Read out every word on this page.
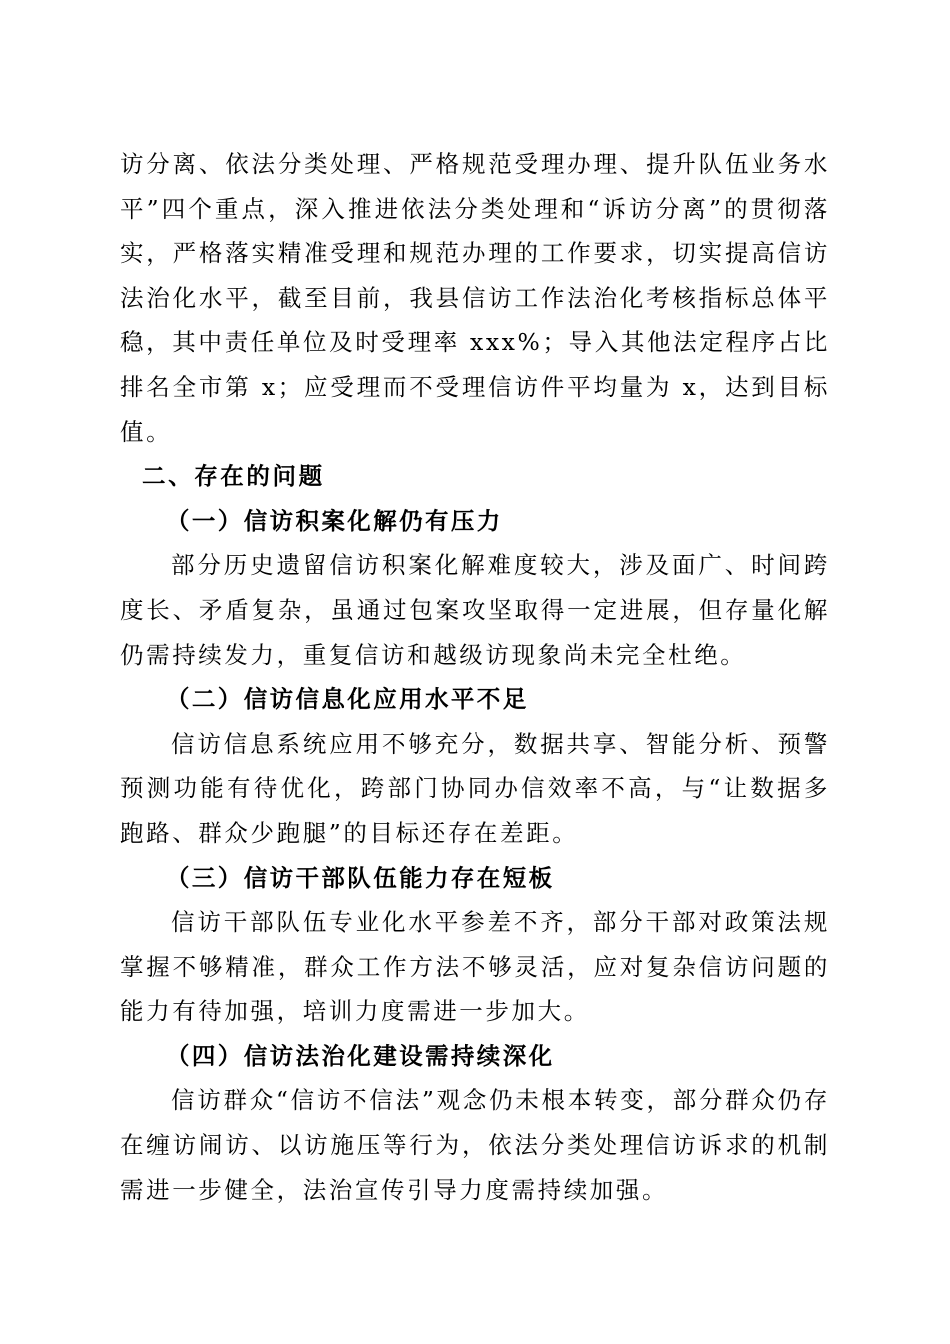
访分离、依法分类处理、严格规范受理办理、提升队伍业务水平”四个重点，深入推进依法分类处理和“诉访分离”的贯彻落实，严格落实精准受理和规范办理的工作要求，切实提高信访法治化水平，截至目前，我县信访工作法治化考核指标总体平稳，其中责任单位及时受理率 xxx%；导入其他法定程序占比排名全市第 x；应受理而不受理信访件平均量为 x，达到目标值。

二、存在的问题
（一）信访积案化解仍有压力

部分历史遗留信访积案化解难度较大，涉及面广、时间跨度长、矛盾复杂，虽通过包案攻坚取得一定进展，但存量化解仍需持续发力，重复信访和越级访现象尚未完全杜绝。

（二）信访信息化应用水平不足

信访信息系统应用不够充分，数据共享、智能分析、预警预测功能有待优化，跨部门协同办信效率不高，与“让数据多跑路、群众少跑腿”的目标还存在差距。

（三）信访干部队伍能力存在短板

信访干部队伍专业化水平参差不齐，部分干部对政策法规掌握不够精准，群众工作方法不够灵活，应对复杂信访问题的能力有待加强，培训力度需进一步加大。

（四）信访法治化建设需持续深化

信访群众“信访不信法”观念仍未根本转变，部分群众仍存在缠访闹访、以访施压等行为，依法分类处理信访诉求的机制需进一步健全，法治宣传引导力度需持续加强。
